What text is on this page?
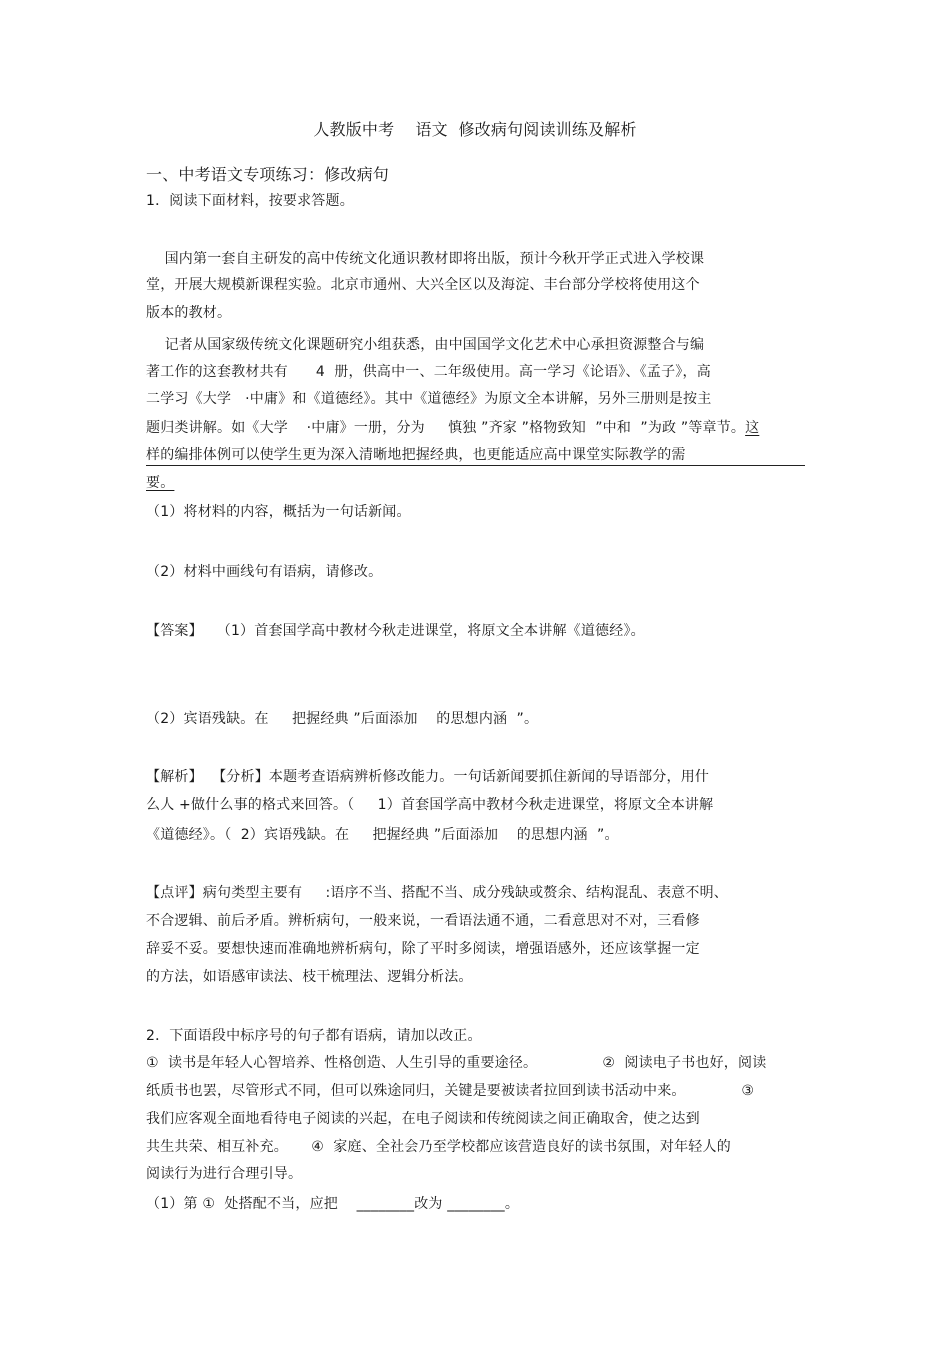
人教版中考    语文  修改病句阅读训练及解析
一、中考语文专项练习：修改病句
1．阅读下面材料，按要求答题。
国内第一套自主研发的高中传统文化通识教材即将出版，预计今秋开学正式进入学校课
堂，开展大规模新课程实验。北京市通州、大兴全区以及海淀、丰台部分学校将使用这个
版本的教材。
记者从国家级传统文化课题研究小组获悉，由中国国学文化艺术中心承担资源整合与编
著工作的这套教材共有      4  册，供高中一、二年级使用。高一学习《论语》、《孟子》，高
二学习《大学   ·中庸》和《道德经》。其中《道德经》为原文全本讲解，另外三册则是按主
题归类讲解。如《大学    ·中庸》一册，分为     慎独 ”齐家 ”格物致知  ”中和  ”为政 ”等章节。这
样的编排体例可以使学生更为深入清晰地把握经典，也更能适应高中课堂实际教学的需
要。
（1）将材料的内容，概括为一句话新闻。
（2）材料中画线句有语病，请修改。
【答案】   （1）首套国学高中教材今秋走进课堂，将原文全本讲解《道德经》。
（2）宾语残缺。在     把握经典 ”后面添加    的思想内涵  ”。
【解析】  【分析】本题考查语病辨析修改能力。一句话新闻要抓住新闻的导语部分，用什
么人 +做什么事的格式来回答。（     1）首套国学高中教材今秋走进课堂，将原文全本讲解
《道德经》。（  2）宾语残缺。在     把握经典 ”后面添加    的思想内涵  ”。
【点评】病句类型主要有     :语序不当、搭配不当、成分残缺或赘余、结构混乱、表意不明、
不合逻辑、前后矛盾。辨析病句，一般来说，一看语法通不通，二看意思对不对，三看修
辞妥不妥。要想快速而准确地辨析病句，除了平时多阅读，增强语感外，还应该掌握一定
的方法，如语感审读法、枝干梳理法、逻辑分析法。
2．下面语段中标序号的句子都有语病，请加以改正。
①  读书是年轻人心智培养、性格创造、人生引导的重要途径。              ②  阅读电子书也好，阅读
纸质书也罢，尽管形式不同，但可以殊途同归，关键是要被读者拉回到读书活动中来。            ③
我们应客观全面地看待电子阅读的兴起，在电子阅读和传统阅读之间正确取舍，使之达到
共生共荣、相互补充。     ④  家庭、全社会乃至学校都应该营造良好的读书氛围，对年轻人的
阅读行为进行合理引导。
（1）第 ①  处搭配不当，应把    ________改为 ________。
